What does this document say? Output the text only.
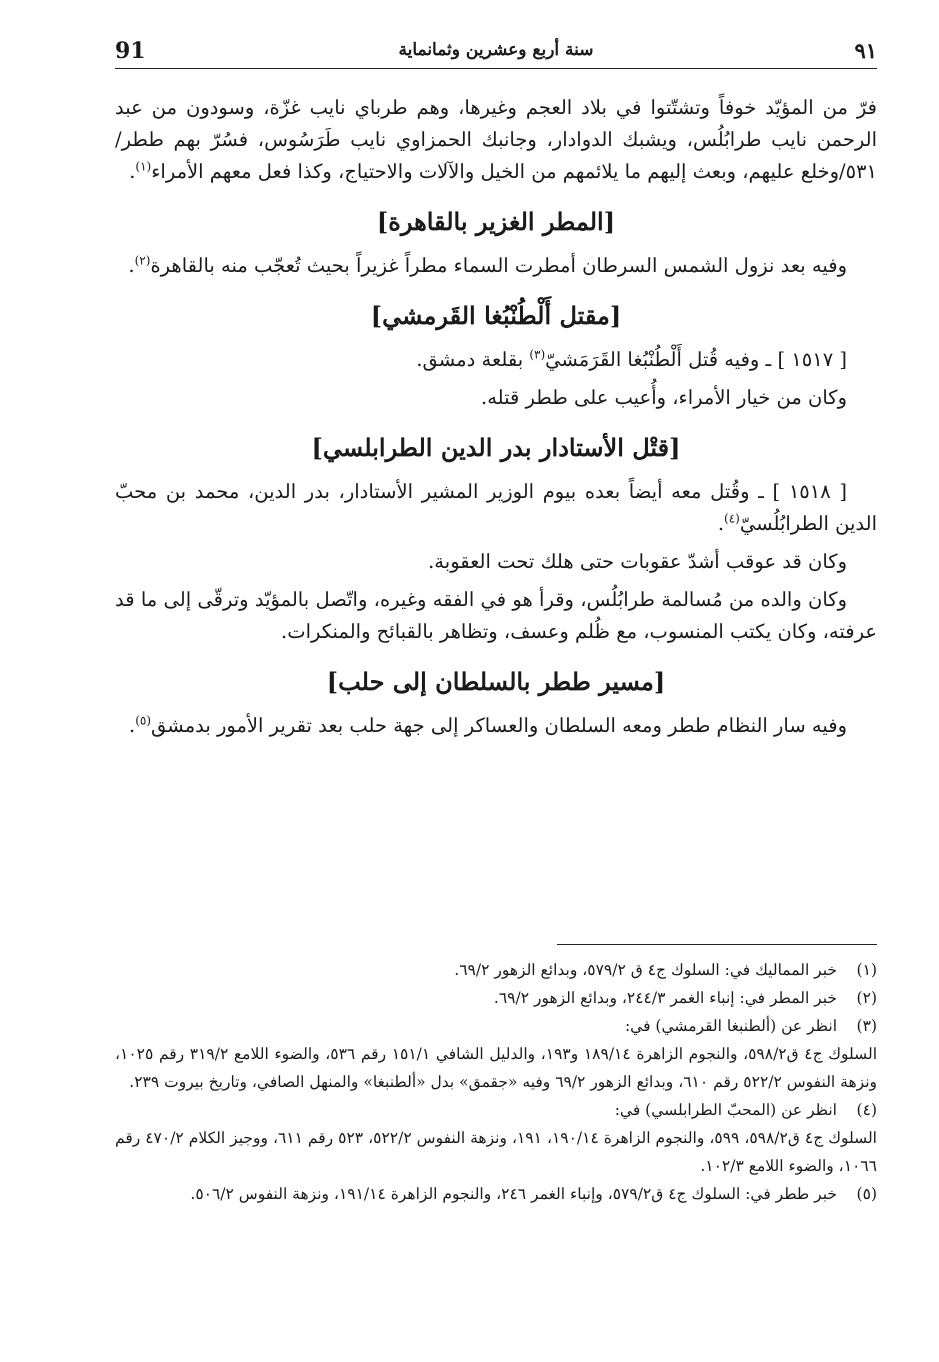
91	سنة أربع وعشرين وثمانماية	٩١

فرّ من المؤيّد خوفاً وتشتّتوا في بلاد العجم وغيرها، وهم طرباي نايب غزّة، وسودون من عبد الرحمن نايب طرابُلُس، ويشبك الدوادار، وجانبك الحمزاوي نايب طَرَسُوس، فسُرّ بهم ططر/ ٥٣١/وخلع عليهم، وبعث إليهم ما يلائمهم من الخيل والآلات والاحتياج، وكذا فعل معهم الأمراء$^{(١)}$.

[المطر الغزير بالقاهرة]

وفيه بعد نزول الشمس السرطان أمطرت السماء مطراً غزيراً بحيث تُعجّب منه بالقاهرة$^{(٢)}$.

[مقتل أَلْطُنْبُغا القَرمشي]

[ ١٥١٧ ] ـ وفيه قُتل أَلْطُنْبُغا القَرَمَشيّ$^{(٣)}$ بقلعة دمشق.

وكان من خيار الأمراء، وأُعيب على ططر قتله.

[قتْل الأستادار بدر الدين الطرابلسي]

[ ١٥١٨ ] ـ وقُتل معه أيضاً بعده بيوم الوزير المشير الأستادار، بدر الدين، محمد بن محبّ الدين الطرابُلُسيّ$^{(٤)}$.

وكان قد عوقب أشدّ عقوبات حتى هلك تحت العقوبة.

وكان والده من مُسالمة طرابُلُس، وقرأ هو في الفقه وغيره، واتّصل بالمؤيّد وترقّى إلى ما قد عرفته، وكان يكتب المنسوب، مع ظُلم وعسف، وتظاهر بالقبائح والمنكرات.

[مسير ططر بالسلطان إلى حلب]

وفيه سار النظام ططر ومعه السلطان والعساكر إلى جهة حلب بعد تقرير الأمور بدمشق$^{(٥)}$.

(١)
خبر المماليك في: السلوك ج٤ ق ٥٧٩/٢، وبدائع الزهور ٦٩/٢.
(٢)
خبر المطر في: إنباء الغمر ٢٤٤/٣، وبدائع الزهور ٦٩/٢.
(٣)
انظر عن (ألطنبغا القرمشي) في:
السلوك ج٤ ق٥٩٨/٢، والنجوم الزاهرة ١٨٩/١٤ و١٩٣، والدليل الشافي ١٥١/١ رقم ٥٣٦، والضوء اللامع ٣١٩/٢ رقم ١٠٢٥، ونزهة النفوس ٥٢٢/٢ رقم ٦١٠، وبدائع الزهور ٦٩/٢ وفيه «جقمق» بدل «ألطنبغا» والمنهل الصافي، وتاريخ بيروت ٢٣٩.
(٤)
انظر عن (المحبّ الطرابلسي) في:
السلوك ج٤ ق٥٩٨/٢، ٥٩٩، والنجوم الزاهرة ١٩٠/١٤، ١٩١، ونزهة النفوس ٥٢٢/٢، ٥٢٣ رقم ٦١١، ووجيز الكلام ٤٧٠/٢ رقم ١٠٦٦، والضوء اللامع ١٠٢/٣.
(٥)
خبر ططر في: السلوك ج٤ ق٥٧٩/٢، وإنباء الغمر ٢٤٦، والنجوم الزاهرة ١٩١/١٤، ونزهة النفوس ٥٠٦/٢.
